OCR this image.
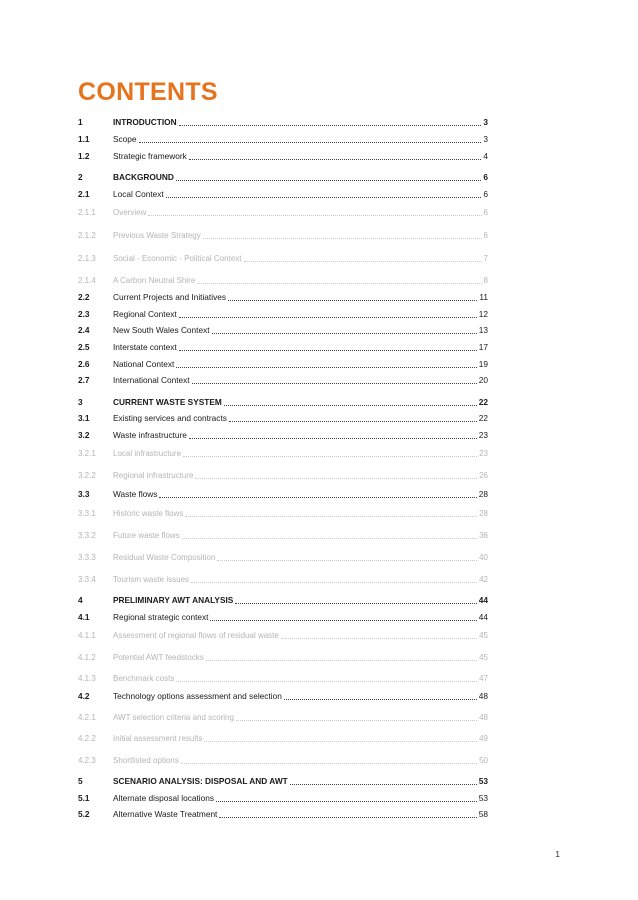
CONTENTS
1	INTRODUCTION	3
1.1	Scope	3
1.2	Strategic framework	4
2	BACKGROUND	6
2.1	Local Context	6
2.1.1	Overview	6
2.1.2	Previous Waste Strategy	6
2.1.3	Social - Economic - Political Context	7
2.1.4	A Carbon Neutral Shire	8
2.2	Current Projects and Initiatives	11
2.3	Regional Context	12
2.4	New South Wales Context	13
2.5	Interstate context	17
2.6	National Context	19
2.7	International Context	20
3	CURRENT WASTE SYSTEM	22
3.1	Existing services and contracts	22
3.2	Waste infrastructure	23
3.2.1	Local infrastructure	23
3.2.2	Regional infrastructure	26
3.3	Waste flows	28
3.3.1	Historic waste flows	28
3.3.2	Future waste flows	36
3.3.3	Residual Waste Composition	40
3.3.4	Tourism waste issues	42
4	PRELIMINARY AWT ANALYSIS	44
4.1	Regional strategic context	44
4.1.1	Assessment of regional flows of residual waste	45
4.1.2	Potential AWT feedstocks	45
4.1.3	Benchmark costs	47
4.2	Technology options assessment and selection	48
4.2.1	AWT selection criteria and scoring	48
4.2.2	Initial assessment results	49
4.2.3	Shortlisted options	50
5	SCENARIO ANALYSIS: DISPOSAL AND AWT	53
5.1	Alternate disposal locations	53
5.2	Alternative Waste Treatment	58
1
